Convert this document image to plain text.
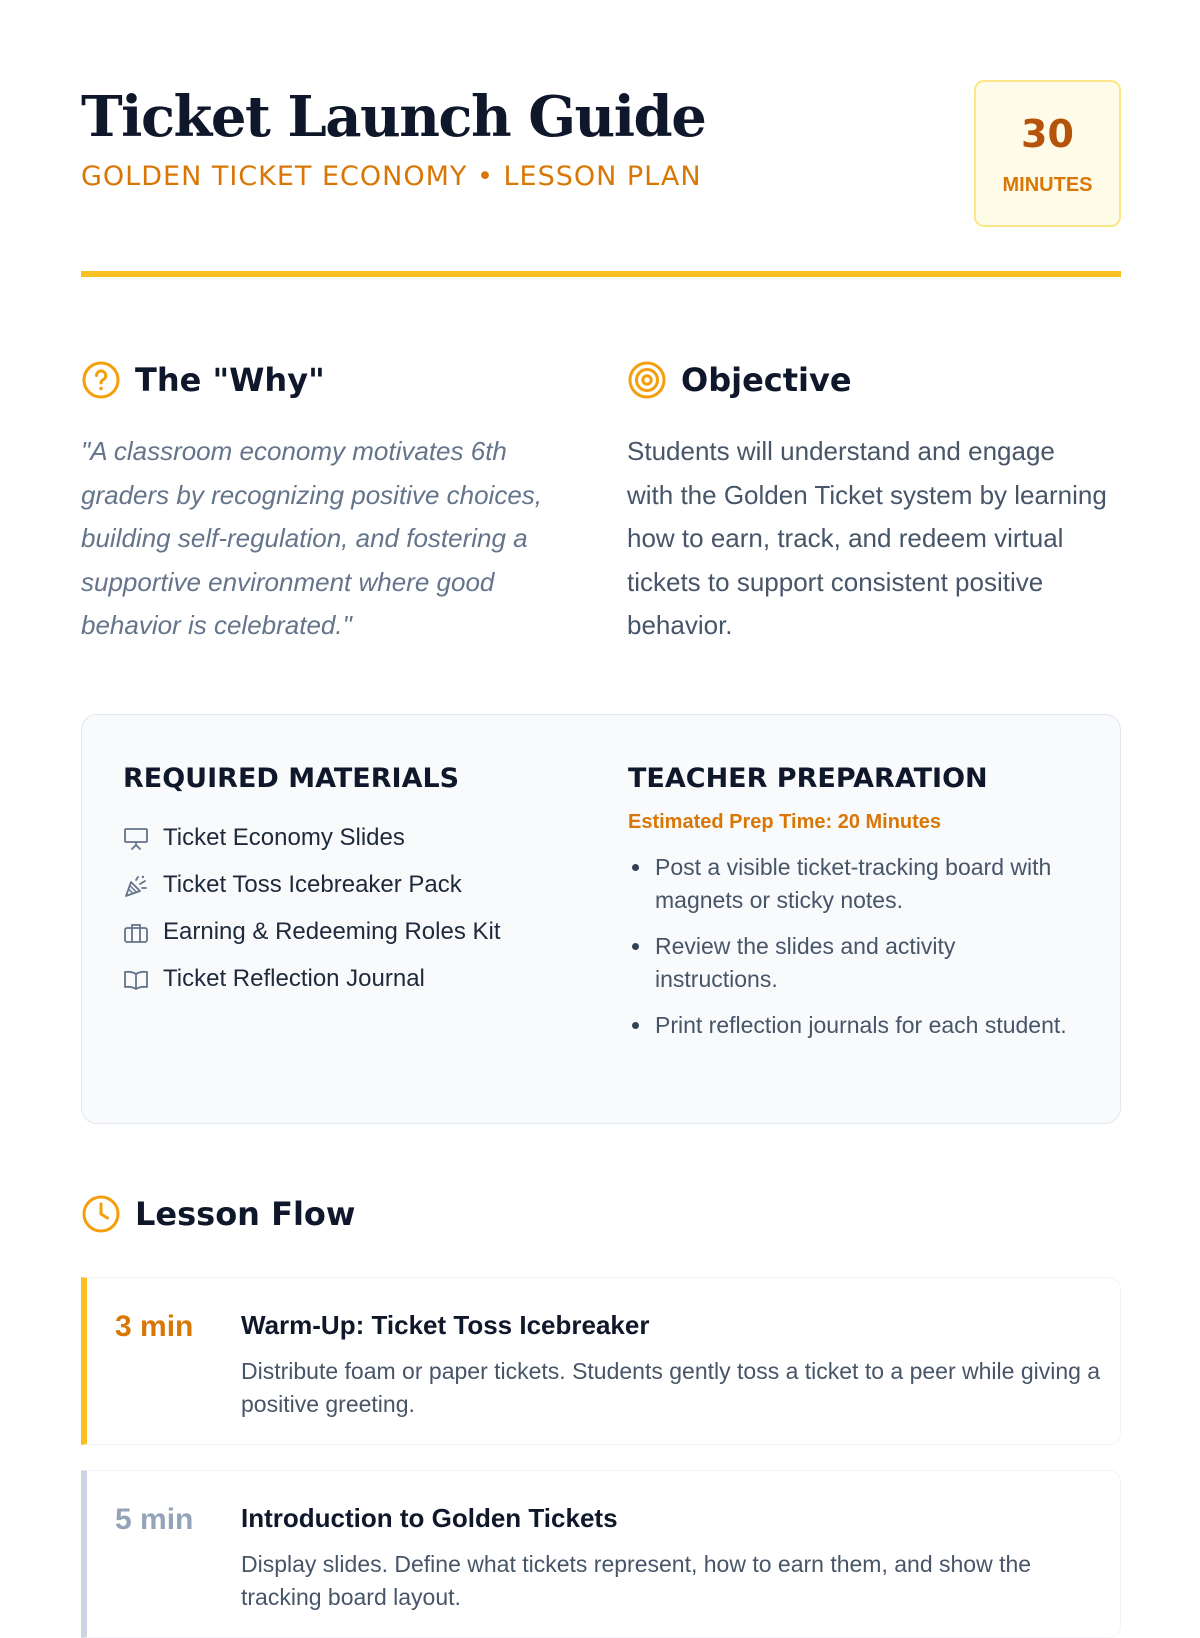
Ticket Launch Guide
GOLDEN TICKET ECONOMY • LESSON PLAN
30
MINUTES
The "Why"

"A classroom economy motivates 6th graders by recognizing positive choices, building self-regulation, and fostering a supportive environment where good behavior is celebrated."

Objective

Students will understand and engage with the Golden Ticket system by learning how to earn, track, and redeem virtual tickets to support consistent positive behavior.

REQUIRED MATERIALS
Ticket Economy Slides
Ticket Toss Icebreaker Pack
Earning & Redeeming Roles Kit
Ticket Reflection Journal
TEACHER PREPARATION
Estimated Prep Time: 20 Minutes
Post a visible ticket-tracking board with magnets or sticky notes.
Review the slides and activity instructions.
Print reflection journals for each student.
Lesson Flow
3 min Warm-Up: Ticket Toss Icebreaker

Distribute foam or paper tickets. Students gently toss a ticket to a peer while giving a positive greeting.

5 min Introduction to Golden Tickets

Display slides. Define what tickets represent, how to earn them, and show the tracking board layout.
